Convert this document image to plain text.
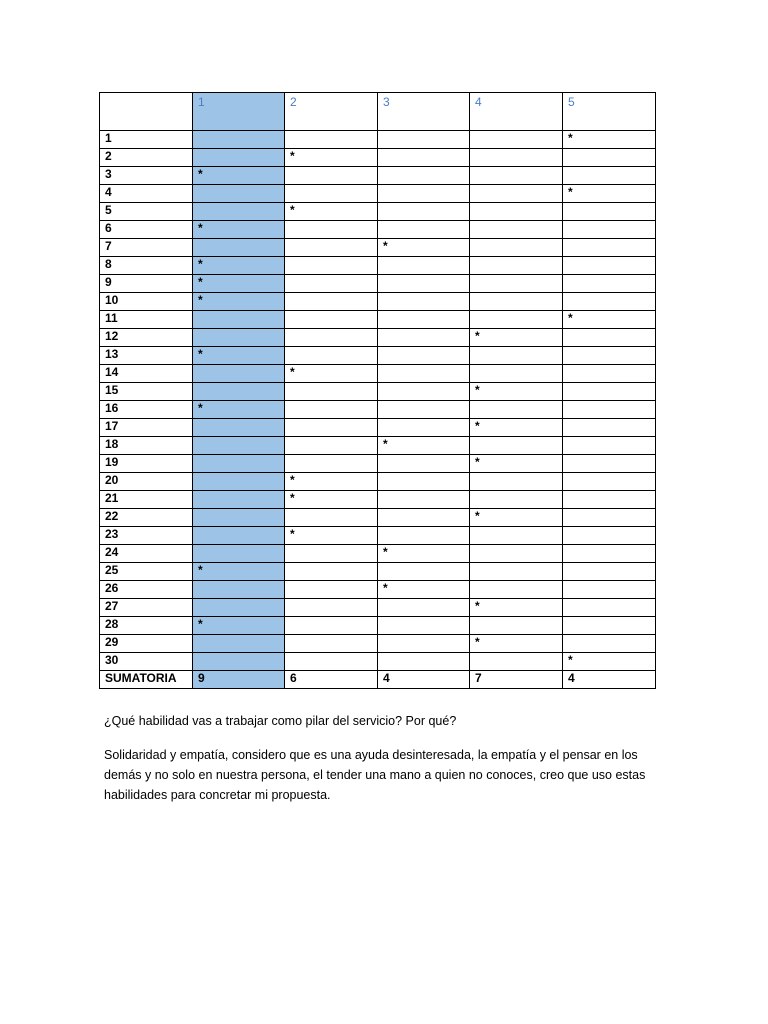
	1	2	3	4	5
1					*
2		*			
3	*				
4					*
5		*			
6	*				
7			*		
8	*				
9	*				
10	*				
11					*
12				*	
13	*				
14		*			
15				*	
16	*				
17				*	
18			*		
19				*	
20		*			
21		*			
22				*	
23		*			
24			*		
25	*				
26			*		
27				*	
28	*				
29				*	
30					*
SUMATORIA	9	6	4	7	4

¿Qué habilidad vas a trabajar como pilar del servicio? Por qué?

Solidaridad y empatía, considero que es una ayuda desinteresada, la empatía y el pensar en los demás y no solo en nuestra persona, el tender una mano a quien no conoces, creo que uso estas habilidades para concretar mi propuesta.
